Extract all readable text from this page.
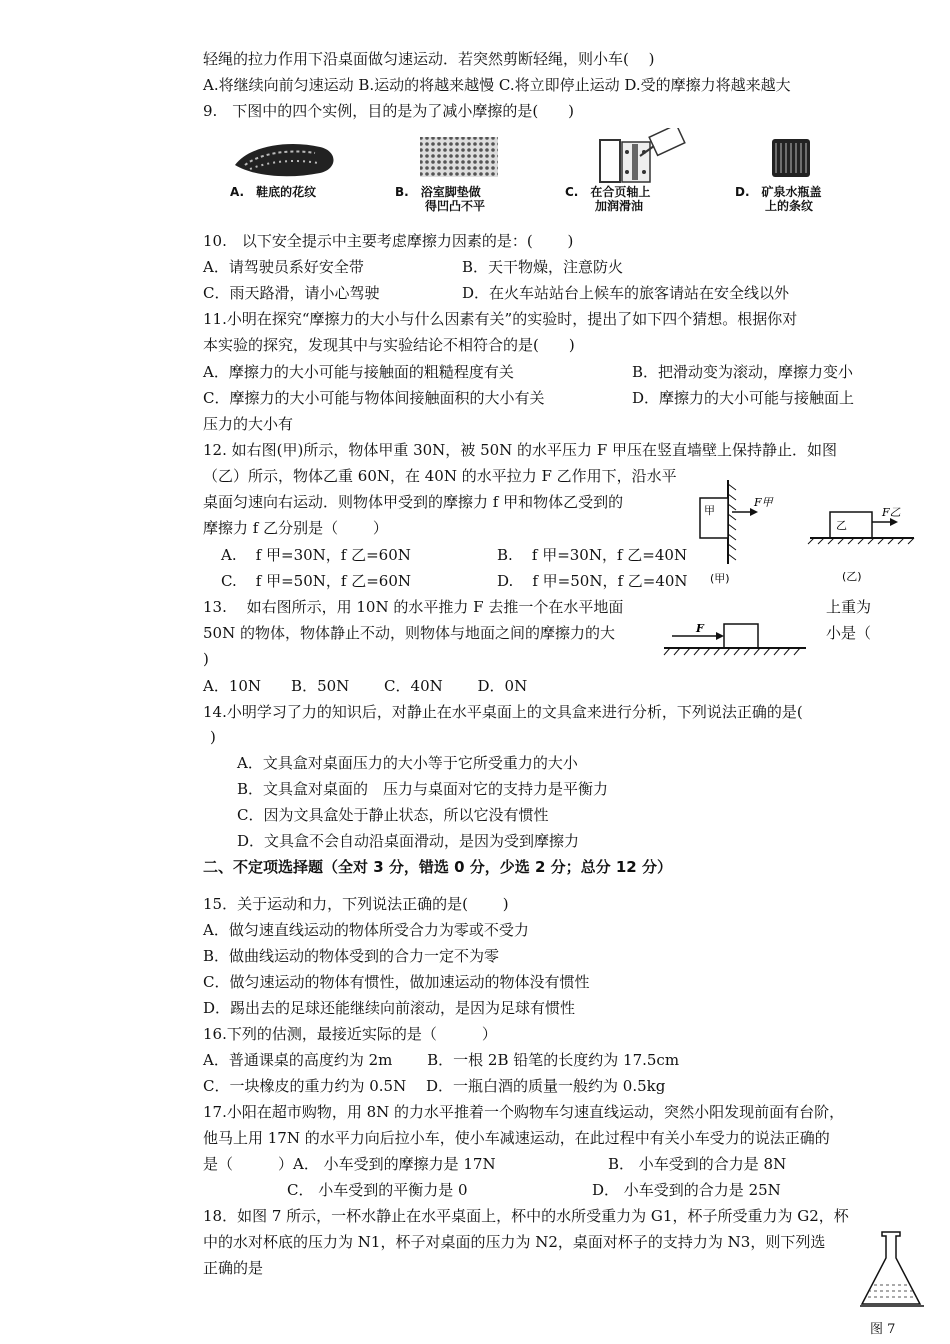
轻绳的拉力作用下沿桌面做匀速运动．若突然剪断轻绳，则小车(　 )
A.将继续向前匀速运动 B.运动的将越来越慢 C.将立即停止运动 D.受的摩擦力将越来越大
9.　下图中的四个实例，目的是为了减小摩擦的是(　　)
A.　 鞋底的花纹	B.　 浴室脚垫做
得凹凸不平
C.　 在合页轴上
加润滑油
D.　 矿泉水瓶盖
上的条纹
10.　以下安全提示中主要考虑摩擦力因素的是：(　　 )
A．请驾驶员系好安全带	B．天干物燥，注意防火
C．雨天路滑，请小心驾驶	D．在火车站站台上候车的旅客请站在安全线以外
11.小明在探究“摩擦力的大小与什么因素有关”的实验时，提出了如下四个猜想。根据你对
本实验的探究，发现其中与实验结论不相符合的是(　　)
A．摩擦力的大小可能与接触面的粗糙程度有关	B．把滑动变为滚动，摩擦力变小
C．摩擦力的大小可能与物体间接触面积的大小有关	D．摩擦力的大小可能与接触面上
压力的大小有
12. 如右图(甲)所示，物体甲重 30N，被 50N 的水平压力 F 甲压在竖直墙壁上保持静止．如图
（乙）所示，物体乙重 60N，在 40N 的水平拉力 F 乙作用下，沿水平
桌面匀速向右运动．则物体甲受到的摩擦力 f 甲和物体乙受到的
摩擦力 f 乙分别是（　　 ）
A. f 甲=30N，f 乙=60N	B. f 甲=30N，f 乙=40N
C. f 甲=50N，f 乙=60N	D. f 甲=50N，f 乙=40N
甲
F甲
(甲)
乙
F乙
(乙)
13.　 如右图所示，用 10N 的水平推力 F 去推一个在水平地面	上重为
50N 的物体，物体静止不动，则物体与地面之间的摩擦力的大	小是（
)
F
A．10N　　B．50N　　 C．40N　　 D．0N
14.小明学习了力的知识后，对静止在水平桌面上的文具盒来进行分析，下列说法正确的是(
)
A．文具盒对桌面压力的大小等于它所受重力的大小
B．文具盒对桌面的　压力与桌面对它的支持力是平衡力
C．因为文具盒处于静止状态，所以它没有惯性
D．文具盒不会自动沿桌面滑动，是因为受到摩擦力
二、不定项选择题（全对 3 分，错选 0 分，少选 2 分；总分 12 分）
15．关于运动和力，下列说法正确的是(　　 )
A．做匀速直线运动的物体所受合力为零或不受力
B．做曲线运动的物体受到的合力一定不为零
C．做匀速运动的物体有惯性，做加速运动的物体没有惯性
D．踢出去的足球还能继续向前滚动，是因为足球有惯性
16.下列的估测，最接近实际的是（　　　）
A．普通课桌的高度约为 2m　　 B．一根 2B 铅笔的长度约为 17.5cm
C．一块橡皮的重力约为 0.5N　 D．一瓶白酒的质量一般约为 0.5kg
17.小阳在超市购物，用 8N 的力水平推着一个购物车匀速直线运动，突然小阳发现前面有台阶，
他马上用 17N 的水平力向后拉小车，使小车减速运动，在此过程中有关小车受力的说法正确的
是（　　　）A． 小车受到的摩擦力是 17N	B． 小车受到的合力是 8N
C． 小车受到的平衡力是 0	D． 小车受到的合力是 25N
18．如图 7 所示，一杯水静止在水平桌面上，杯中的水所受重力为 G1，杯子所受重力为 G2，杯
中的水对杯底的压力为 N1，杯子对桌面的压力为 N2，桌面对杯子的支持力为 N3，则下列选
正确的是
图 7
